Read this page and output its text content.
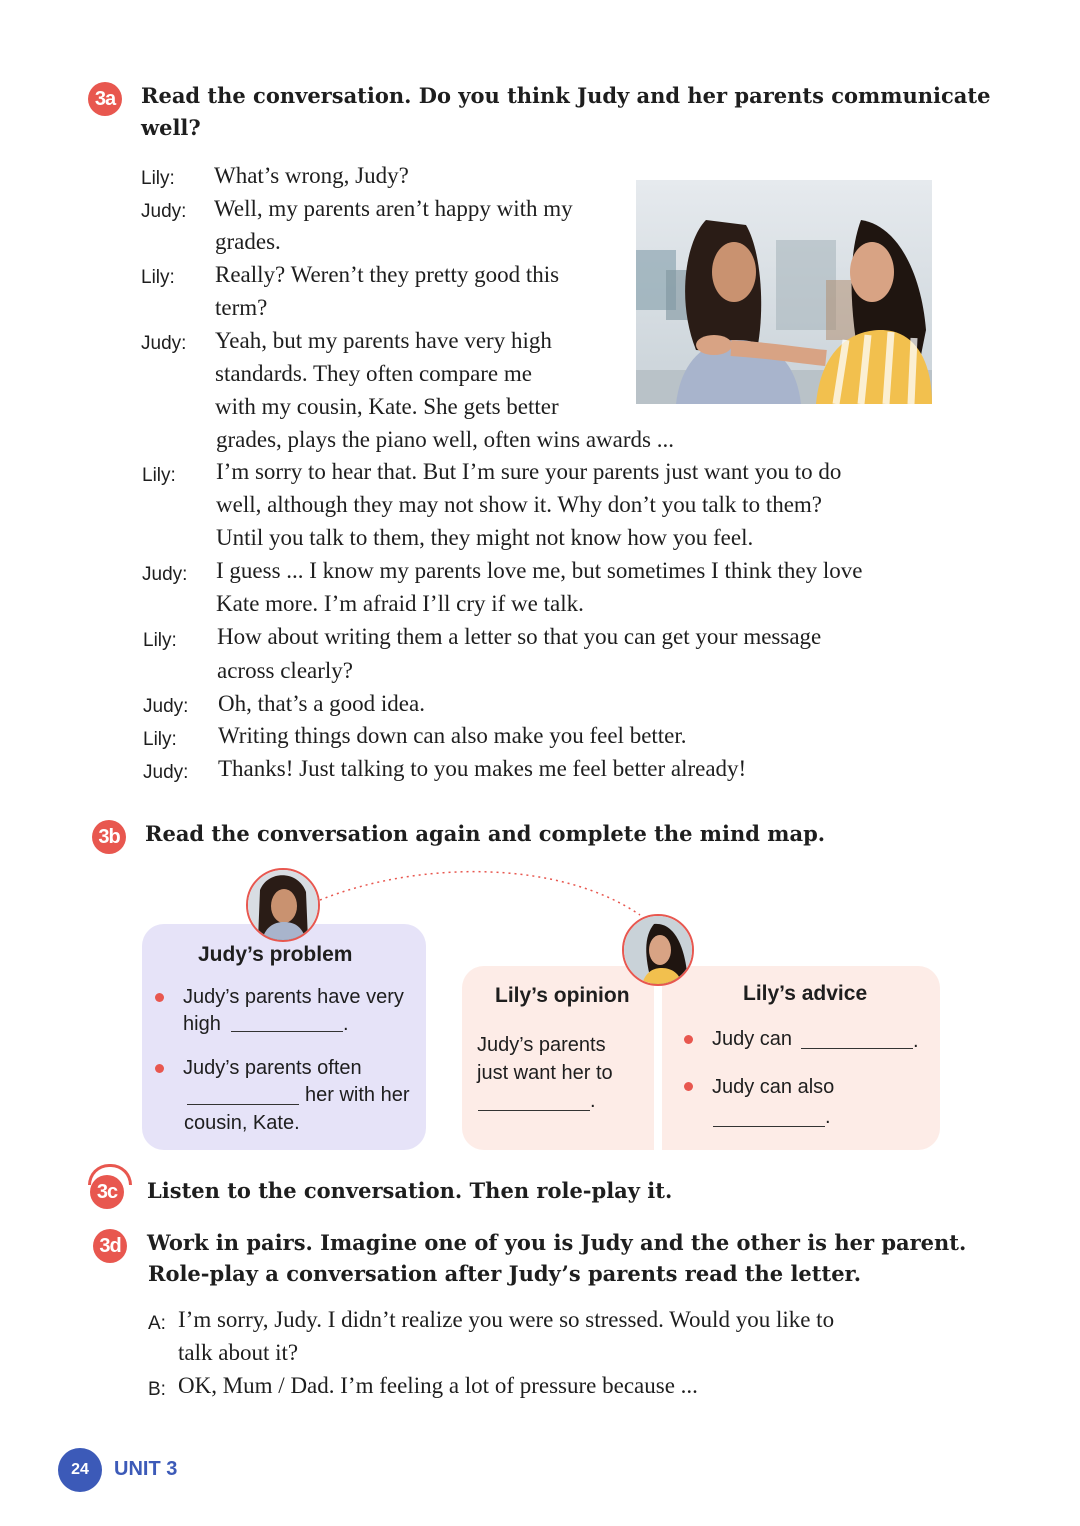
3a	Read the conversation. Do you think Judy and her parents communicate
well?
Lily: What’s wrong, Judy?
Judy: Well, my parents aren’t happy with my
grades.
Lily: Really? Weren’t they pretty good this
term?
Judy: Yeah, but my parents have very high
standards. They often compare me
with my cousin, Kate. She gets better
grades, plays the piano well, often wins awards ...
Lily: I’m sorry to hear that. But I’m sure your parents just want you to do
well, although they may not show it. Why don’t you talk to them?
Until you talk to them, they might not know how you feel.
Judy: I guess ... I know my parents love me, but sometimes I think they love
Kate more. I’m afraid I’ll cry if we talk.
Lily: How about writing them a letter so that you can get your message
across clearly?
Judy: Oh, that’s a good idea.
Lily: Writing things down can also make you feel better.
Judy: Thanks! Just talking to you makes me feel better already!
3b	Read the conversation again and complete the mind map.
Judy’s problem
Judy’s parents have very
high	.
Judy’s parents often
her with her
cousin, Kate.
Lily’s opinion
Judy’s parents
just want her to
.
Lily’s advice
Judy can	.
Judy can also
.
3c	Listen to the conversation. Then role-play it.
3d	Work in pairs. Imagine one of you is Judy and the other is her parent.
Role-play a conversation after Judy’s parents read the letter.
A: I’m sorry, Judy. I didn’t realize you were so stressed. Would you like to
talk about it?
B: OK, Mum / Dad. I’m feeling a lot of pressure because ...
24	UNIT 3
